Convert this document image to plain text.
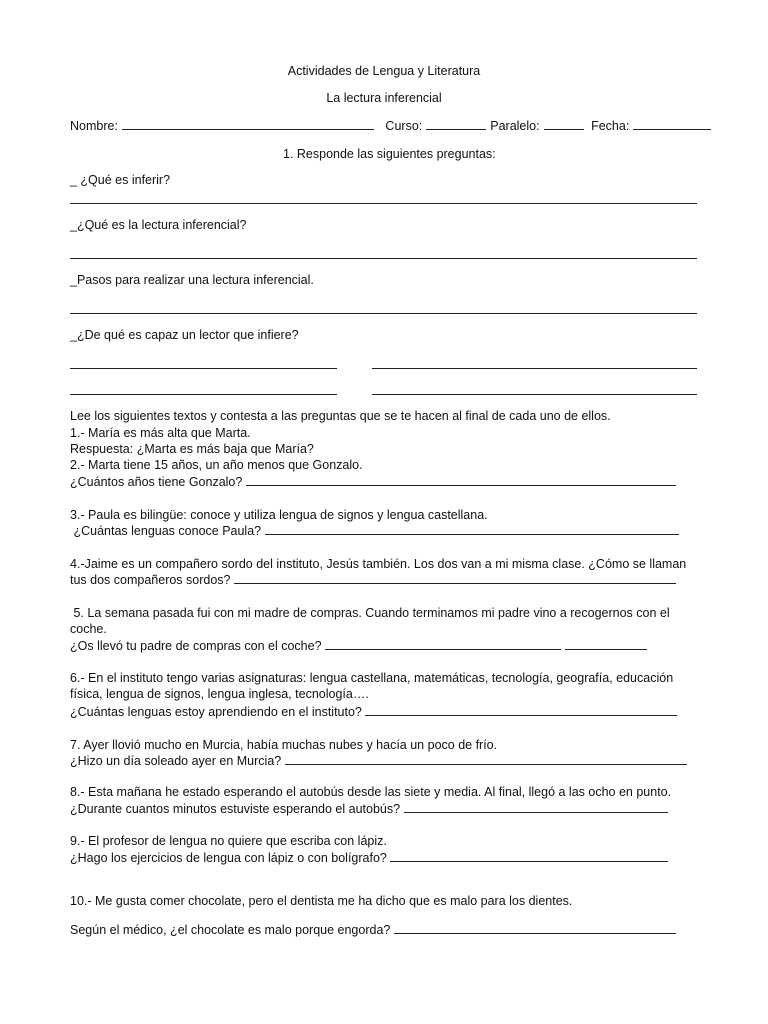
Actividades de Lengua y Literatura
La lectura inferencial
Nombre:	Curso:	Paralelo:	Fecha:
1. Responde las siguientes preguntas:
_ ¿Qué es inferir?
_¿Qué es la lectura inferencial?
_Pasos para realizar una lectura inferencial.
_¿De qué es capaz un lector que infiere?
Lee los siguientes textos y contesta a las preguntas que se te hacen al final de cada uno de ellos.
1.- María es más alta que Marta.
Respuesta: ¿Marta es más baja que María?
2.- Marta tiene 15 años, un año menos que Gonzalo.
¿Cuántos años tiene Gonzalo?
3.- Paula es bilingüe: conoce y utiliza lengua de signos y lengua castellana.
¿Cuántas lenguas conoce Paula?
4.-Jaime es un compañero sordo del instituto, Jesús también. Los dos van a mi misma clase. ¿Cómo se llaman
tus dos compañeros sordos?
5. La semana pasada fui con mi madre de compras. Cuando terminamos mi padre vino a recogernos con el
coche.
¿Os llevó tu padre de compras con el coche?
6.- En el instituto tengo varias asignaturas: lengua castellana, matemáticas, tecnología, geografía, educación
física, lengua de signos, lengua inglesa, tecnología….
¿Cuántas lenguas estoy aprendiendo en el instituto?
7. Ayer llovió mucho en Murcia, había muchas nubes y hacía un poco de frío.
¿Hizo un día soleado ayer en Murcia?
8.- Esta mañana he estado esperando el autobús desde las siete y media. Al final, llegó a las ocho en punto.
¿Durante cuantos minutos estuviste esperando el autobús?
9.- El profesor de lengua no quiere que escriba con lápiz.
¿Hago los ejercicios de lengua con lápiz o con bolígrafo?
10.- Me gusta comer chocolate, pero el dentista me ha dicho que es malo para los dientes.
Según el médico, ¿el chocolate es malo porque engorda?
